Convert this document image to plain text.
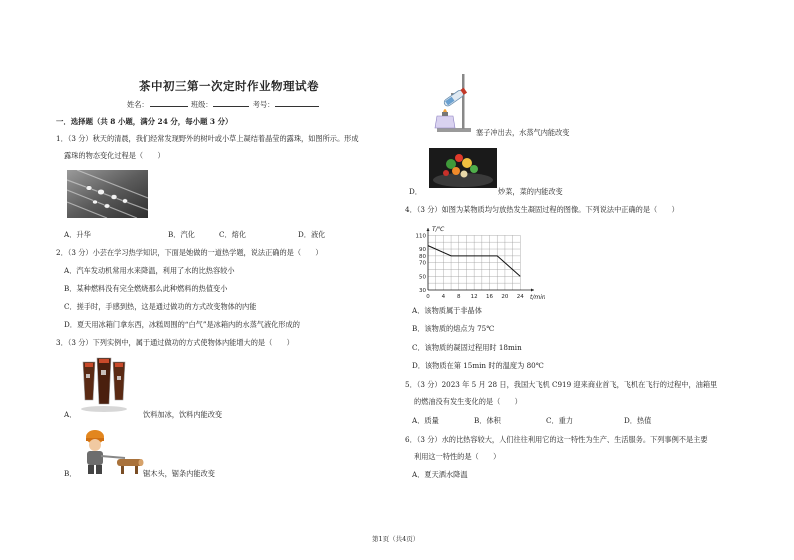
茶中初三第一次定时作业物理试卷
姓名：	班级：	考号：
一．选择题（共 8 小题，满分 24 分，每小题 3 分）
1．（3 分）秋天的清晨，我们经常发现野外的树叶或小草上凝结着晶莹的露珠，如图所示。形成
露珠的物态变化过程是（　　）
A．升华	B．汽化	C．熔化	D．液化
2．（3 分）小芸在学习热学知识，下面是她做的一道热学题，说法正确的是（　　）
A．汽车发动机常用水来降温，利用了水的比热容较小
B．某种燃料没有完全燃烧那么此种燃料的热值变小
C．搓手时，手感到热，这是通过做功的方式改变物体的内能
D．夏天用冰箱门拿东西，冰糕周围的“白气”是冰箱内的水蒸气液化形成的
3．（3 分）下列实例中，属于通过做功的方式使物体内能增大的是（　　）
A．	饮料加冰，饮料内能改变
B．	锯木头，锯条内能改变
塞子冲出去，水蒸气内能改变
D．	炒菜，菜的内能改变
4．（3 分）如图为某物质均匀放热发生凝固过程的图像。下列说法中正确的是（　　）
0 4 8 12 16 20 24
30
50
70
80
90
110
T/℃
t/min
A．该物质属于非晶体
B．该物质的熔点为 75℃
C．该物质的凝固过程用时 18min
D．该物质在第 15min 时的温度为 80℃
5．（3 分）2023 年 5 月 28 日，我国大飞机 C919 迎来商业首飞，飞机在飞行的过程中，油箱里
的燃油没有发生变化的是（　　）
A．质量	B．体积	C．重力	D．热值
6．（3 分）水的比热容较大，人们往往利用它的这一特性为生产、生活服务。下列事例不是主要
利用这一特性的是（　　）
A．夏天洒水降温
第1页（共4页）
